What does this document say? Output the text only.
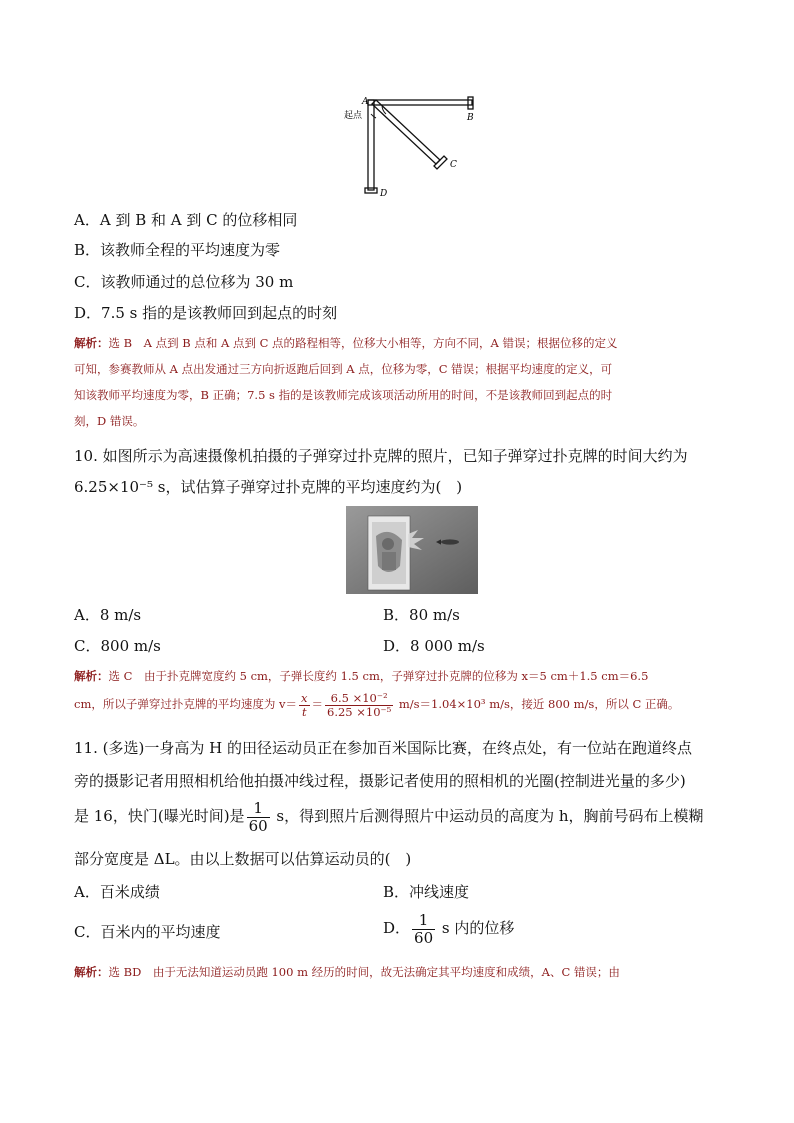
A
B
C
D
起点
A．A 到 B 和 A 到 C 的位移相同
B．该教师全程的平均速度为零
C．该教师通过的总位移为 30 m
D．7.5 s 指的是该教师回到起点的时刻
解析：选 B　A 点到 B 点和 A 点到 C 点的路程相等，位移大小相等，方向不同，A 错误；根据位移的定义
可知，参赛教师从 A 点出发通过三方向折返跑后回到 A 点，位移为零，C 错误；根据平均速度的定义，可
知该教师平均速度为零，B 正确；7.5 s 指的是该教师完成该项活动所用的时间，不是该教师回到起点的时
刻，D 错误。
10. 如图所示为高速摄像机拍摄的子弹穿过扑克牌的照片，已知子弹穿过扑克牌的时间大约为
6.25×10⁻⁵ s，试估算子弹穿过扑克牌的平均速度约为(　)
A．8 m/s	B．80 m/s
C．800 m/s	D．8 000 m/s
解析：选 C　由于扑克牌宽度约 5 cm，子弹长度约 1.5 cm，子弹穿过扑克牌的位移为 x＝5 cm＋1.5 cm＝6.5
cm，所以子弹穿过扑克牌的平均速度为 $v= \frac{x}{t} = \frac{\text{6.5 ×10⁻²}}{\text{6.25 ×10⁻⁵}} m/s=1.04\times 10^3$ m/s，接近 800 m/s，所以 C 正确。
11. (多选)一身高为 H 的田径运动员正在参加百米国际比赛，在终点处，有一位站在跑道终点
旁的摄影记者用照相机给他拍摄冲线过程，摄影记者使用的照相机的光圈(控制进光量的多少)
是 16，快门(曝光时间)是 $\frac{1}{60}$ s，得到照片后测得照片中运动员的高度为 h，胸前号码布上模糊
部分宽度是 ΔL。由以上数据可以估算运动员的(　)
A．百米成绩	B．冲线速度
C．百米内的平均速度	D． $\frac{1}{60}$ s 内的位移
解析：选 BD　由于无法知道运动员跑 100 m 经历的时间，故无法确定其平均速度和成绩，A、C 错误；由
